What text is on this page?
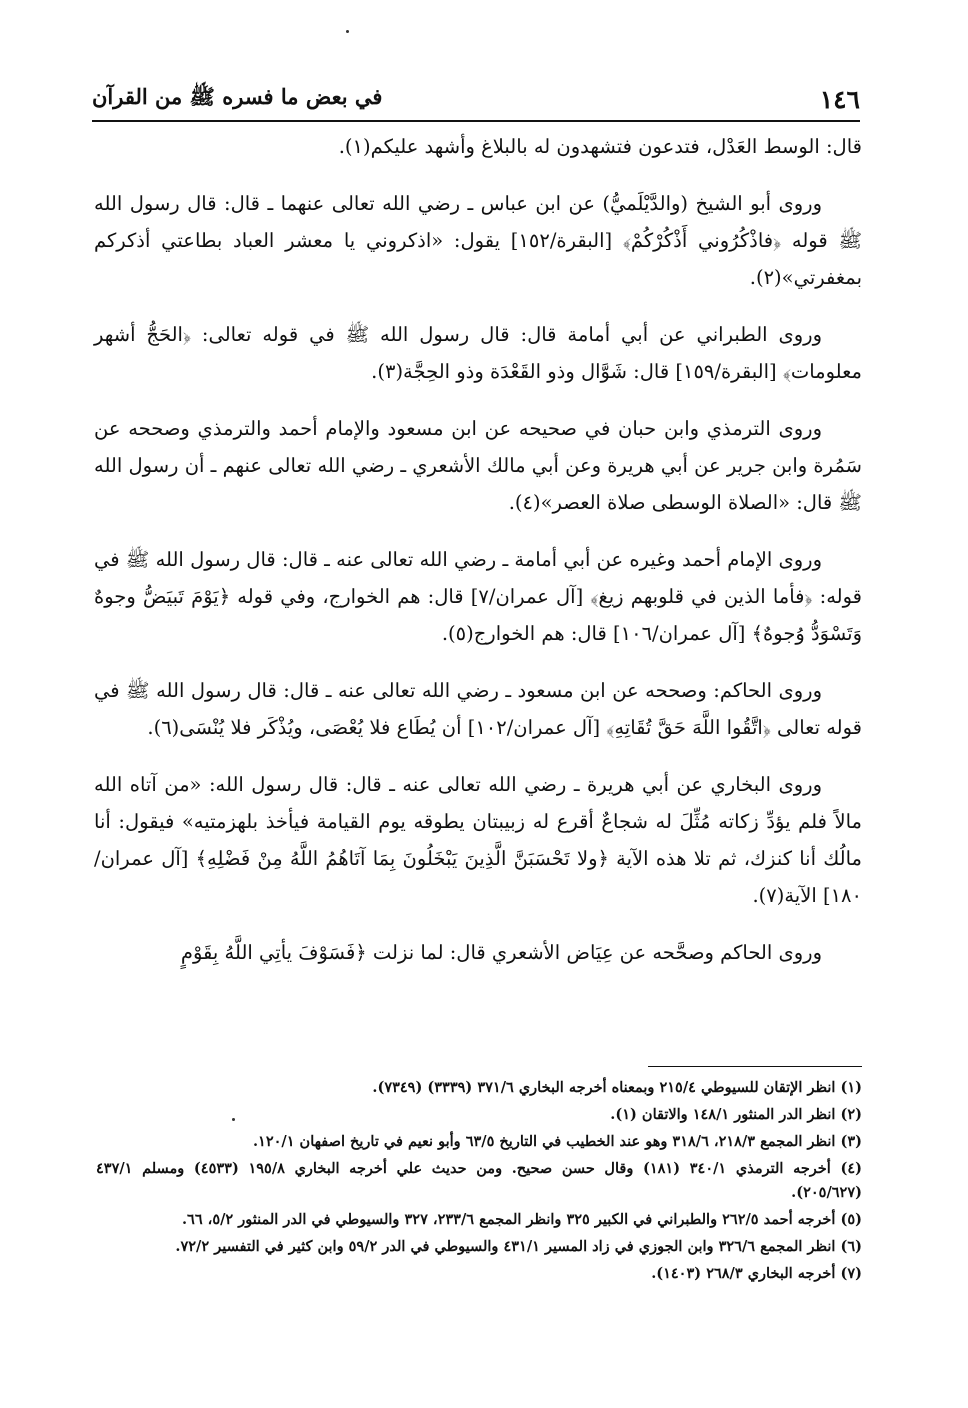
١٤٦
في بعض ما فسره ﷺ من القرآن

قال: الوسط العَدْل، فتدعون فتشهدون له بالبلاغ وأشهد عليكم(١).

وروى أبو الشيخ (والدَّيْلَميُّ) عن ابن عباس ـ رضي الله تعالى عنهما ـ قال: قال رسول الله ﷺ قوله ﴿فاذْكُرُوني أَذْكُرْكُمْ﴾ [البقرة/١٥٢] يقول: «اذكروني يا معشر العباد بطاعتي أذكركم بمغفرتي»(٢).

وروى الطبراني عن أبي أمامة قال: قال رسول الله ﷺ في قوله تعالى: ﴿الحَجُّ أشهر معلومات﴾ [البقرة/١٥٩] قال: شَوَّال وذو القَعْدَة وذو الحِجَّة(٣).

وروى الترمذي وابن حبان في صحيحه عن ابن مسعود والإمام أحمد والترمذي وصححه عن سَمُرة وابن جرير عن أبي هريرة وعن أبي مالك الأشعري ـ رضي الله تعالى عنهم ـ أن رسول الله ﷺ قال: «الصلاة الوسطى صلاة العصر»(٤).

وروى الإمام أحمد وغيره عن أبي أمامة ـ رضي الله تعالى عنه ـ قال: قال رسول الله ﷺ في قوله: ﴿فأما الذين في قلوبهم زيغ﴾ [آل عمران/٧] قال: هم الخوارج، وفي قوله ﴿يَوْمَ تَبيَضُّ وجوهٌ وَتَسْوَدُّ وُجوهٌ﴾ [آل عمران/١٠٦] قال: هم الخوارج(٥).

وروى الحاكم: وصححه عن ابن مسعود ـ رضي الله تعالى عنه ـ قال: قال رسول الله ﷺ في قوله تعالى ﴿اتَّقُوا اللَّهَ حَقَّ تُقَاتِهِ﴾ [آل عمران/١٠٢] أن يُطَاع فلا يُعْصَى، ويُذْكَر فلا يُنْسَى(٦).

وروى البخاري عن أبي هريرة ـ رضي الله تعالى عنه ـ قال: قال رسول الله: «من آتاه الله مالاً فلم يؤدِّ زكاته مُثِّلَ له شجاعٌ أقرع له زبيبتان يطوقه يوم القيامة فيأخذ بلهزمتيه» فيقول: أنا مالُك أنا كنزك، ثم تلا هذه الآية ﴿ولا تَحْسَبَنَّ الَّذِينَ يَبْخَلُونَ بِمَا آتَاهُمُ اللَّهُ مِنْ فَضْلِهِ﴾ [آل عمران/١٨٠] الآية(٧).

وروى الحاكم وصحَّحه عن عِيَاض الأشعري قال: لما نزلت ﴿فَسَوْفَ يأتِي اللَّهُ بِقَوْمٍ

(١) انظر الإتقان للسيوطي ٢١٥/٤ وبمعناه أخرجه البخاري ٣٧١/٦ (٣٣٣٩) (٧٣٤٩).

(٢) انظر الدر المنثور ١٤٨/١ والاتقان (١).

(٣) انظر المجمع ٢١٨/٣، ٣١٨/٦ وهو عند الخطيب في التاريخ ٦٣/٥ وأبو نعيم في تاريخ اصفهان ١٢٠/١.

(٤) أخرجه الترمذي ٣٤٠/١ (١٨١) وقال حسن صحيح. ومن حديث علي أخرجه البخاري ١٩٥/٨ (٤٥٣٣) ومسلم ٤٣٧/١ (٢٠٥/٦٢٧).

(٥) أخرجه أحمد ٢٦٢/٥ والطبراني في الكبير ٣٢٥ وانظر المجمع ٢٣٣/٦، ٣٢٧ والسيوطي في الدر المنثور ٥/٢، ٦٦.

(٦) انظر المجمع ٣٢٦/٦ وابن الجوزي في زاد المسير ٤٣١/١ والسيوطي في الدر ٥٩/٢ وابن كثير في التفسير ٧٢/٢.

(٧) أخرجه البخاري ٢٦٨/٣ (١٤٠٣).
